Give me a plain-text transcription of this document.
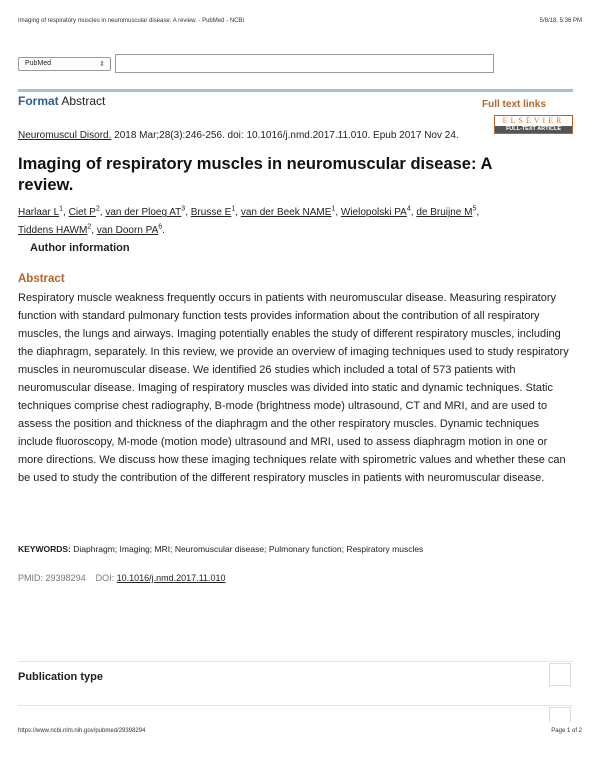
Imaging of respiratory muscles in neuromuscular disease: A review. - PubMed - NCBI	5/8/18, 5:36 PM
PubMed	⇕
Format Abstract	Full text links
ELSEVIER
FULL-TEXT ARTICLE
Neuromuscul Disord. 2018 Mar;28(3):246-256. doi: 10.1016/j.nmd.2017.11.010. Epub 2017 Nov 24.
Imaging of respiratory muscles in neuromuscular disease: A review.
Harlaar $L^1$, Ciet $P^2$, van der Ploeg $AT^3$, Brusse $E^1$, van der Beek NAME$^1$, Wielopolski $PA^4$, de Bruijne $M^5$,
Tiddens HAWM$^2$, van Doorn $PA^6$.
Author information
Abstract

Respiratory muscle weakness frequently occurs in patients with neuromuscular disease. Measuring respiratory function with standard pulmonary function tests provides information about the contribution of all respiratory muscles, the lungs and airways. Imaging potentially enables the study of different respiratory muscles, including the diaphragm, separately. In this review, we provide an overview of imaging techniques used to study respiratory muscles in neuromuscular disease. We identified 26 studies which included a total of 573 patients with neuromuscular disease. Imaging of respiratory muscles was divided into static and dynamic techniques. Static techniques comprise chest radiography, B-mode (brightness mode) ultrasound, CT and MRI, and are used to assess the position and thickness of the diaphragm and the other respiratory muscles. Dynamic techniques include fluoroscopy, M-mode (motion mode) ultrasound and MRI, used to assess diaphragm motion in one or more directions. We discuss how these imaging techniques relate with spirometric values and whether these can be used to study the contribution of the different respiratory muscles in patients with neuromuscular disease.

KEYWORDS: Diaphragm; Imaging; MRI; Neuromuscular disease; Pulmonary function; Respiratory muscles
PMID: 29398294 DOI: 10.1016/j.nmd.2017.11.010
Publication type
https://www.ncbi.nlm.nih.gov/pubmed/29398294	Page 1 of 2
